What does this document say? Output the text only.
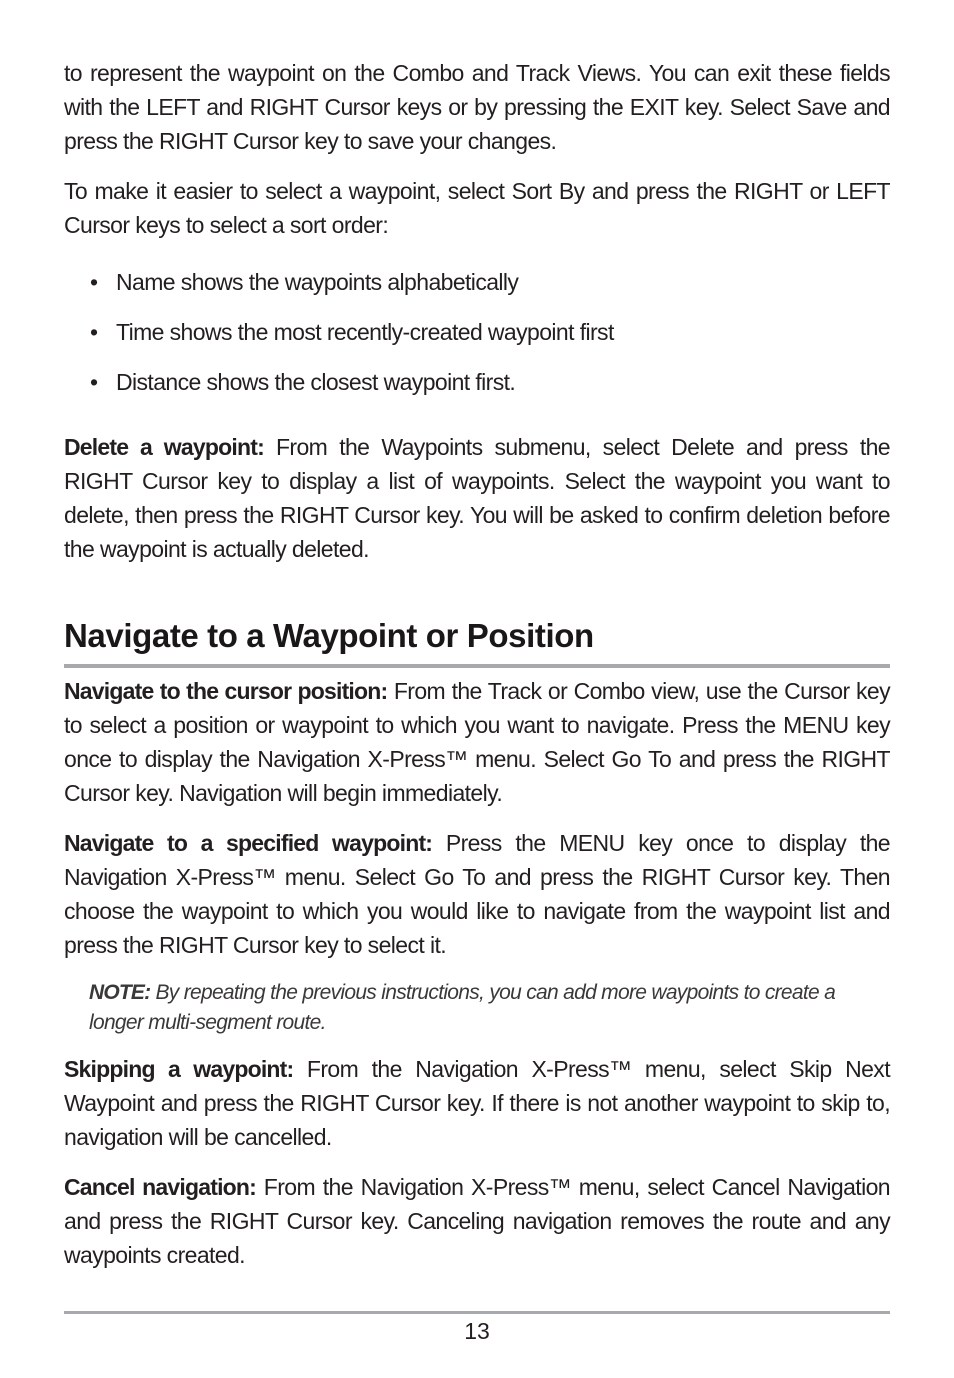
to represent the waypoint on the Combo and Track Views. You can exit these fields with the LEFT and RIGHT Cursor keys or by pressing the EXIT key. Select Save and press the RIGHT Cursor key to save your changes.

To make it easier to select a waypoint, select Sort By and press the RIGHT or LEFT Cursor keys to select a sort order:

• Name shows the waypoints alphabetically
• Time shows the most recently-created waypoint first
• Distance shows the closest waypoint first.

Delete a waypoint: From the Waypoints submenu, select Delete and press the RIGHT Cursor key to display a list of waypoints. Select the waypoint you want to delete, then press the RIGHT Cursor key. You will be asked to confirm deletion before the waypoint is actually deleted.

Navigate to a Waypoint or Position

Navigate to the cursor position: From the Track or Combo view, use the Cursor key to select a position or waypoint to which you want to navigate. Press the MENU key once to display the Navigation X-Press™ menu. Select Go To and press the RIGHT Cursor key. Navigation will begin immediately.

Navigate to a specified waypoint: Press the MENU key once to display the Navigation X-Press™ menu. Select Go To and press the RIGHT Cursor key. Then choose the waypoint to which you would like to navigate from the waypoint list and press the RIGHT Cursor key to select it.

NOTE: By repeating the previous instructions, you can add more waypoints to create a longer multi-segment route.

Skipping a waypoint: From the Navigation X-Press™ menu, select Skip Next Waypoint and press the RIGHT Cursor key. If there is not another waypoint to skip to, navigation will be cancelled.

Cancel navigation: From the Navigation X-Press™ menu, select Cancel Navigation and press the RIGHT Cursor key. Canceling navigation removes the route and any waypoints created.

13
